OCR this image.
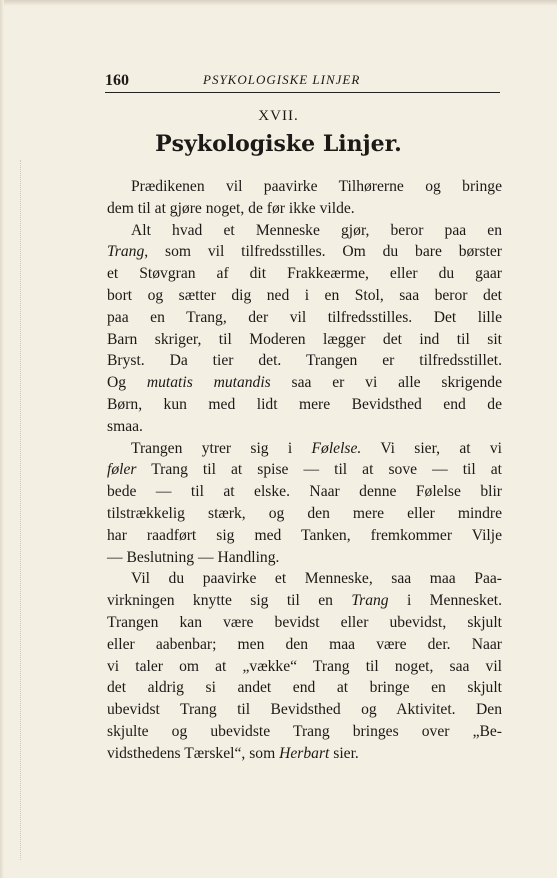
160	PSYKOLOGISKE LINJER
XVII.
Psykologiske Linjer.
Prædikenen vil paavirke Tilhørerne og bringe
dem til at gjøre noget, de før ikke vilde.
Alt hvad et Menneske gjør, beror paa en
Trang, som vil tilfredsstilles. Om du bare børster
et Støvgran af dit Frakkeærme, eller du gaar
bort og sætter dig ned i en Stol, saa beror det
paa en Trang, der vil tilfredsstilles. Det lille
Barn skriger, til Moderen lægger det ind til sit
Bryst. Da tier det. Trangen er tilfredsstillet.
Og mutatis mutandis saa er vi alle skrigende
Børn, kun med lidt mere Bevidsthed end de
smaa.
Trangen ytrer sig i Følelse. Vi sier, at vi
føler Trang til at spise — til at sove — til at
bede — til at elske. Naar denne Følelse blir
tilstrækkelig stærk, og den mere eller mindre
har raadført sig med Tanken, fremkommer Vilje
— Beslutning — Handling.
Vil du paavirke et Menneske, saa maa Paa-
virkningen knytte sig til en Trang i Mennesket.
Trangen kan være bevidst eller ubevidst, skjult
eller aabenbar; men den maa være der. Naar
vi taler om at „vække“ Trang til noget, saa vil
det aldrig si andet end at bringe en skjult
ubevidst Trang til Bevidsthed og Aktivitet. Den
skjulte og ubevidste Trang bringes over „Be-
vidsthedens Tærskel“, som Herbart sier.
